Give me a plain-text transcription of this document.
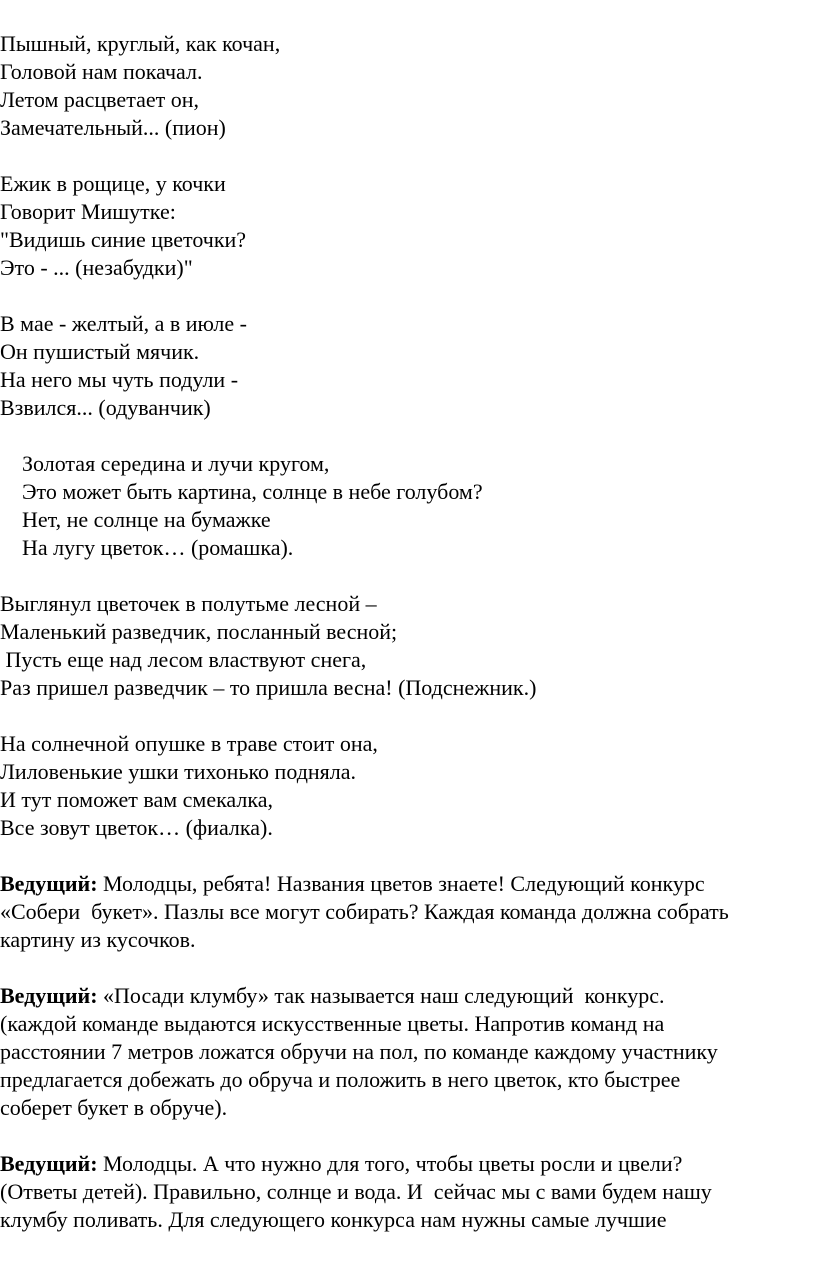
Пышный, круглый, как кочан,
Головой нам покачал.
Летом расцветает он,
Замечательный... (пион)
Ежик в рощице, у кочки
Говорит Мишутке:
"Видишь синие цветочки?
Это - ... (незабудки)"
В мае - желтый, а в июле -
Он пушистый мячик.
На него мы чуть подули -
Взвился... (одуванчик)
Золотая середина и лучи кругом,
Это может быть картина, солнце в небе голубом?
Нет, не солнце на бумажке
На лугу цветок… (ромашка).
Выглянул цветочек в полутьме лесной –
Маленький разведчик, посланный весной;
Пусть еще над лесом властвуют снега,
Раз пришел разведчик – то пришла весна! (Подснежник.)
На солнечной опушке в траве стоит она,
Лиловенькие ушки тихонько подняла.
И тут поможет вам смекалка,
Все зовут цветок… (фиалка).
Ведущий: Молодцы, ребята! Названия цветов знаете! Следующий конкурс
«Собери  букет». Пазлы все могут собирать? Каждая команда должна собрать
картину из кусочков.
Ведущий: «Посади клумбу» так называется наш следующий  конкурс.
(каждой команде выдаются искусственные цветы. Напротив команд на
расстоянии 7 метров ложатся обручи на пол, по команде каждому участнику
предлагается добежать до обруча и положить в него цветок, кто быстрее
соберет букет в обруче).
Ведущий: Молодцы. А что нужно для того, чтобы цветы росли и цвели?
(Ответы детей). Правильно, солнце и вода. И  сейчас мы с вами будем нашу
клумбу поливать. Для следующего конкурса нам нужны самые лучшие
